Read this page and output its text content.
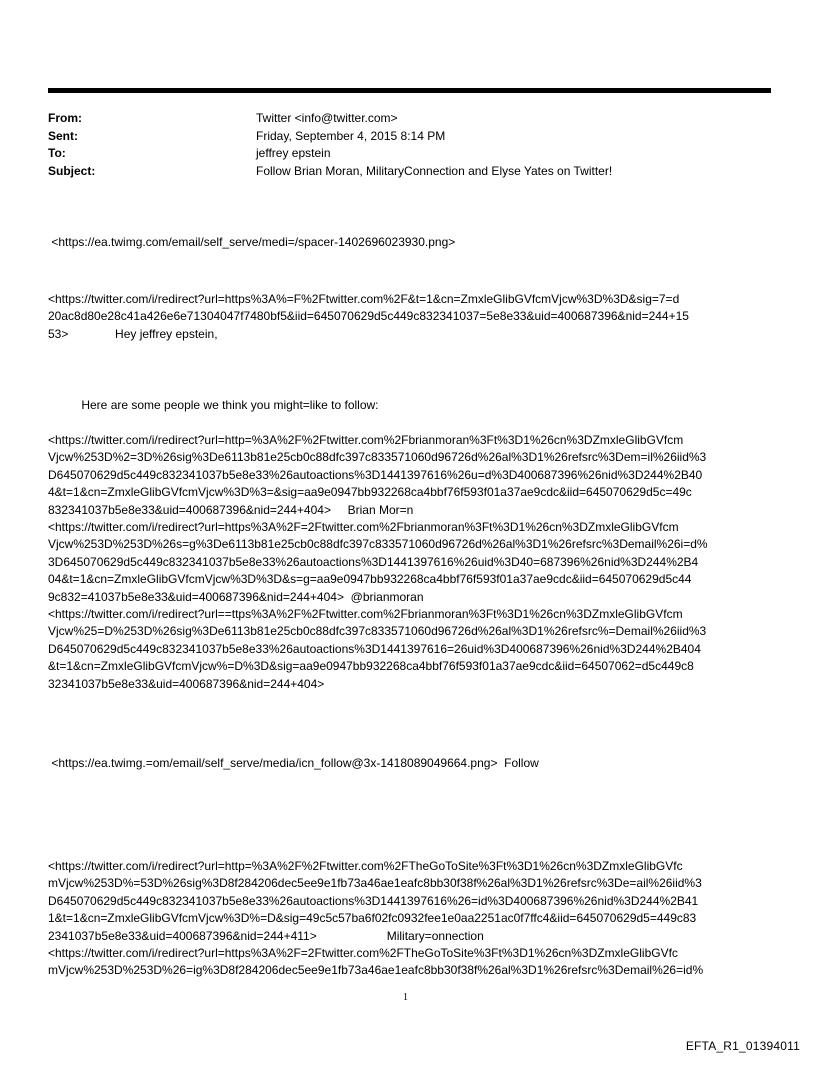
From:	Twitter <info@twitter.com>
Sent:	Friday, September 4, 2015 8:14 PM
To:	jeffrey epstein
Subject:	Follow Brian Moran, MilitaryConnection and Elyse Yates on Twitter!
<https://ea.twimg.com/email/self_serve/medi=/spacer-1402696023930.png>
<https://twitter.com/i/redirect?url=https%3A%=F%2Ftwitter.com%2F&t=1&cn=ZmxleGlibGVfcmVjcw%3D%3D&sig=7=d
20ac8d80e28c41a426e6e71304047f7480bf5&iid=645070629d5c449c832341037=5e8e33&uid=400687396&nid=244+15
53>              Hey jeffrey epstein,
Here are some people we think you might=like to follow:
<https://twitter.com/i/redirect?url=http=%3A%2F%2Ftwitter.com%2Fbrianmoran%3Ft%3D1%26cn%3DZmxleGlibGVfcm
Vjcw%253D%2=3D%26sig%3De6113b81e25cb0c88dfc397c833571060d96726d%26al%3D1%26refsrc%3Dem=il%26iid%3
D645070629d5c449c832341037b5e8e33%26autoactions%3D1441397616%26u=d%3D400687396%26nid%3D244%2B40
4&t=1&cn=ZmxleGlibGVfcmVjcw%3D%3=&sig=aa9e0947bb932268ca4bbf76f593f01a37ae9cdc&iid=645070629d5c=49c
832341037b5e8e33&uid=400687396&nid=244+404>     Brian Mor=n
<https://twitter.com/i/redirect?url=https%3A%2F=2Ftwitter.com%2Fbrianmoran%3Ft%3D1%26cn%3DZmxleGlibGVfcm
Vjcw%253D%253D%26s=g%3De6113b81e25cb0c88dfc397c833571060d96726d%26al%3D1%26refsrc%3Demail%26i=d%
3D645070629d5c449c832341037b5e8e33%26autoactions%3D1441397616%26uid%3D40=687396%26nid%3D244%2B4
04&t=1&cn=ZmxleGlibGVfcmVjcw%3D%3D&s=g=aa9e0947bb932268ca4bbf76f593f01a37ae9cdc&iid=645070629d5c44
9c832=41037b5e8e33&uid=400687396&nid=244+404>  @brianmoran
<https://twitter.com/i/redirect?url==ttps%3A%2F%2Ftwitter.com%2Fbrianmoran%3Ft%3D1%26cn%3DZmxleGlibGVfcm
Vjcw%25=D%253D%26sig%3De6113b81e25cb0c88dfc397c833571060d96726d%26al%3D1%26refsrc%=Demail%26iid%3
D645070629d5c449c832341037b5e8e33%26autoactions%3D1441397616=26uid%3D400687396%26nid%3D244%2B404
&t=1&cn=ZmxleGlibGVfcmVjcw%=D%3D&sig=aa9e0947bb932268ca4bbf76f593f01a37ae9cdc&iid=64507062=d5c449c8
32341037b5e8e33&uid=400687396&nid=244+404>
<https://ea.twimg.=om/email/self_serve/media/icn_follow@3x-1418089049664.png>  Follow
<https://twitter.com/i/redirect?url=http=%3A%2F%2Ftwitter.com%2FTheGoToSite%3Ft%3D1%26cn%3DZmxleGlibGVfc
mVjcw%253D%=53D%26sig%3D8f284206dec5ee9e1fb73a46ae1eafc8bb30f38f%26al%3D1%26refsrc%3De=ail%26iid%3
D645070629d5c449c832341037b5e8e33%26autoactions%3D1441397616%26=id%3D400687396%26nid%3D244%2B41
1&t=1&cn=ZmxleGlibGVfcmVjcw%3D%=D&sig=49c5c57ba6f02fc0932feе1e0aa2251ac0f7ffc4&iid=645070629d5=449c83
2341037b5e8e33&uid=400687396&nid=244+411>                     Military=onnection
<https://twitter.com/i/redirect?url=https%3A%2F=2Ftwitter.com%2FTheGoToSite%3Ft%3D1%26cn%3DZmxleGlibGVfc
mVjcw%253D%253D%26=ig%3D8f284206dec5ee9e1fb73a46ae1eafc8bb30f38f%26al%3D1%26refsrc%3Demail%26=id%
1
EFTA_R1_01394011
